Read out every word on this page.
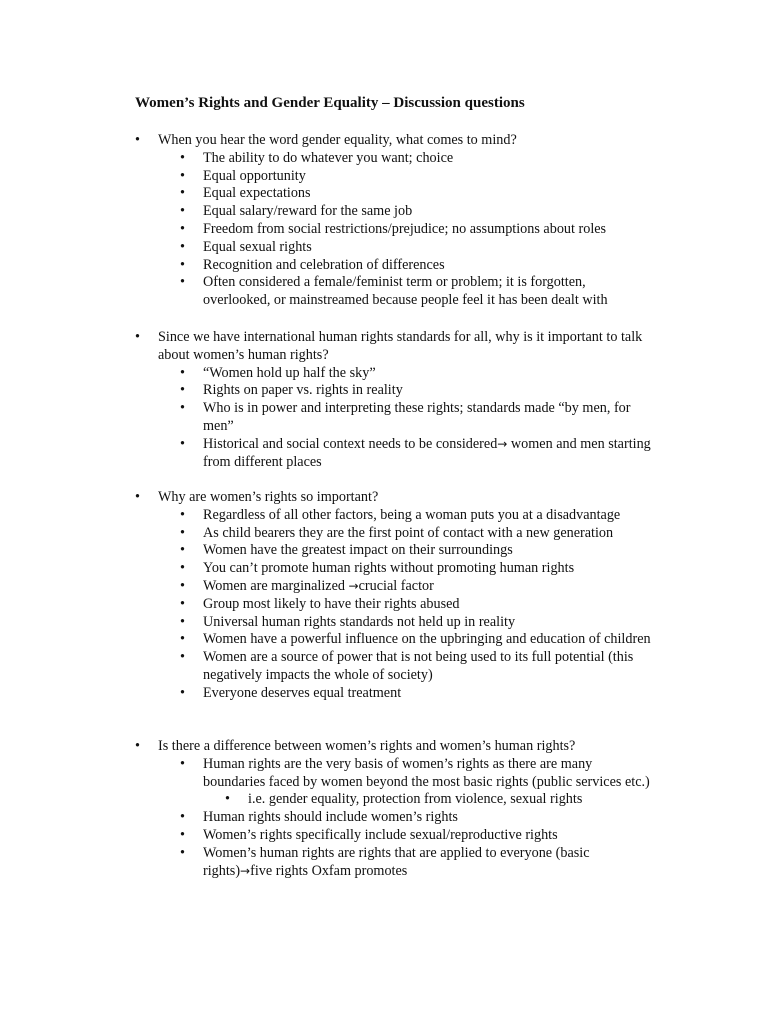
Women’s Rights and Gender Equality – Discussion questions
• When you hear the word gender equality, what comes to mind?
• The ability to do whatever you want; choice
• Equal opportunity
• Equal expectations
• Equal salary/reward for the same job
• Freedom from social restrictions/prejudice; no assumptions about roles
• Equal sexual rights
• Recognition and celebration of differences
• Often considered a female/feminist term or problem; it is forgotten, overlooked, or mainstreamed because people feel it has been dealt with
• Since we have international human rights standards for all, why is it important to talk about women’s human rights?
• “Women hold up half the sky”
• Rights on paper vs. rights in reality
• Who is in power and interpreting these rights; standards made “by men, for men”
• Historical and social context needs to be considered→ women and men starting from different places
• Why are women’s rights so important?
• Regardless of all other factors, being a woman puts you at a disadvantage
• As child bearers they are the first point of contact with a new generation
• Women have the greatest impact on their surroundings
• You can’t promote human rights without promoting human rights
• Women are marginalized →crucial factor
• Group most likely to have their rights abused
• Universal human rights standards not held up in reality
• Women have a powerful influence on the upbringing and education of children
• Women are a source of power that is not being used to its full potential (this negatively impacts the whole of society)
• Everyone deserves equal treatment
• Is there a difference between women’s rights and women’s human rights?
• Human rights are the very basis of women’s rights as there are many boundaries faced by women beyond the most basic rights (public services etc.)
• i.e. gender equality, protection from violence, sexual rights
• Human rights should include women’s rights
• Women’s rights specifically include sexual/reproductive rights
• Women’s human rights are rights that are applied to everyone (basic rights)→five rights Oxfam promotes
